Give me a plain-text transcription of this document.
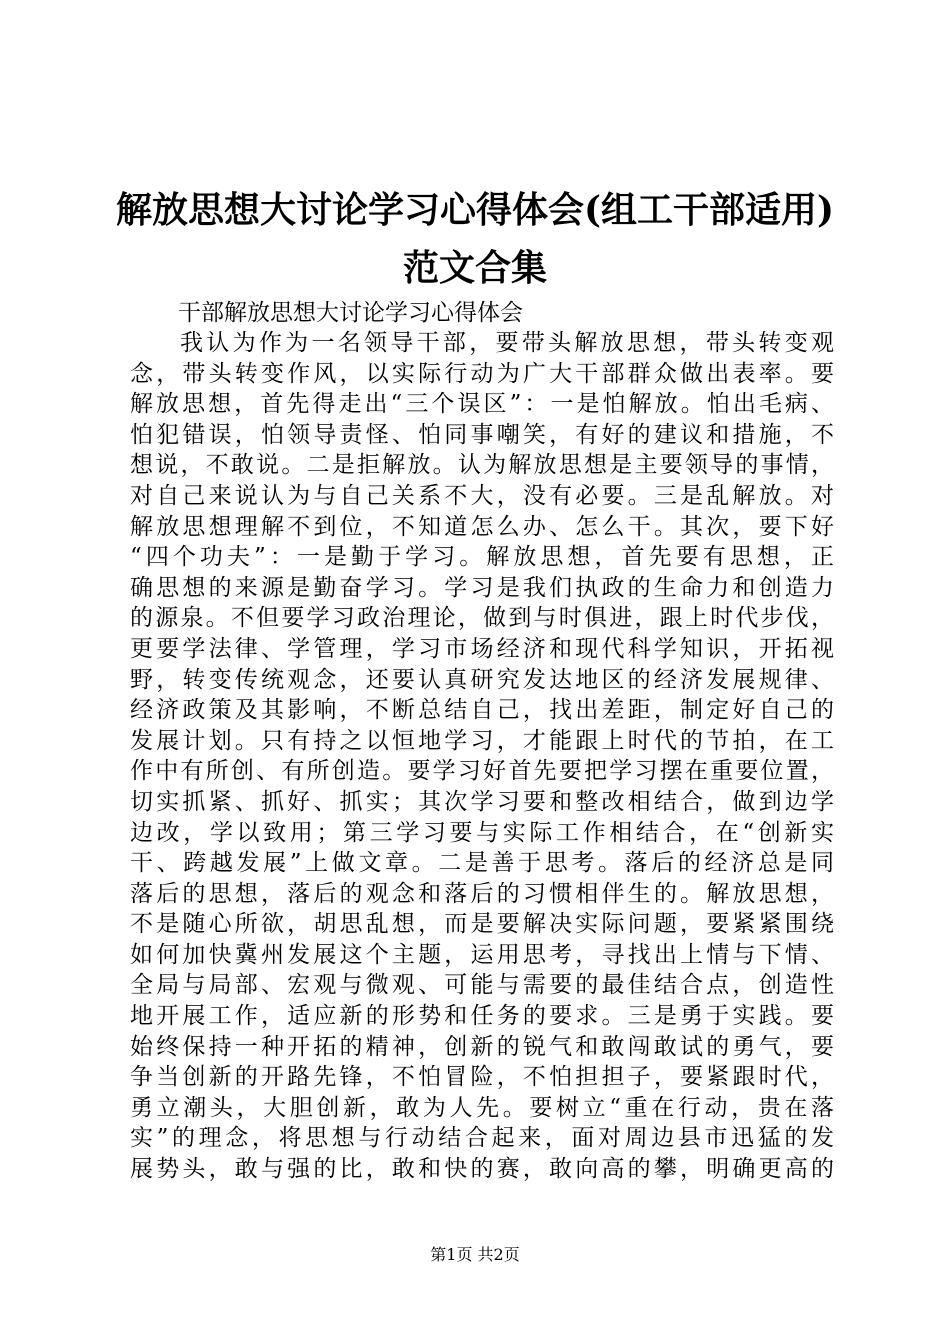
解放思想大讨论学习心得体会(组工干部适用)
范文合集

干部解放思想大讨论学习心得体会

我认为作为一名领导干部，要带头解放思想，带头转变观
念，带头转变作风，以实际行动为广大干部群众做出表率。要
解放思想，首先得走出“三个误区”：一是怕解放。怕出毛病、
怕犯错误，怕领导责怪、怕同事嘲笑，有好的建议和措施，不
想说，不敢说。二是拒解放。认为解放思想是主要领导的事情，
对自己来说认为与自己关系不大，没有必要。三是乱解放。对
解放思想理解不到位，不知道怎么办、怎么干。其次，要下好
“四个功夫”：一是勤于学习。解放思想，首先要有思想，正
确思想的来源是勤奋学习。学习是我们执政的生命力和创造力
的源泉。不但要学习政治理论，做到与时俱进，跟上时代步伐，
更要学法律、学管理，学习市场经济和现代科学知识，开拓视
野，转变传统观念，还要认真研究发达地区的经济发展规律、
经济政策及其影响，不断总结自己，找出差距，制定好自己的
发展计划。只有持之以恒地学习，才能跟上时代的节拍，在工
作中有所创、有所创造。要学习好首先要把学习摆在重要位置，
切实抓紧、抓好、抓实；其次学习要和整改相结合，做到边学
边改，学以致用；第三学习要与实际工作相结合，在“创新实
干、跨越发展”上做文章。二是善于思考。落后的经济总是同
落后的思想，落后的观念和落后的习惯相伴生的。解放思想，
不是随心所欲，胡思乱想，而是要解决实际问题，要紧紧围绕
如何加快冀州发展这个主题，运用思考，寻找出上情与下情、
全局与局部、宏观与微观、可能与需要的最佳结合点，创造性
地开展工作，适应新的形势和任务的要求。三是勇于实践。要
始终保持一种开拓的精神，创新的锐气和敢闯敢试的勇气，要
争当创新的开路先锋，不怕冒险，不怕担担子，要紧跟时代，
勇立潮头，大胆创新，敢为人先。要树立“重在行动，贵在落
实”的理念，将思想与行动结合起来，面对周边县市迅猛的发
展势头，敢与强的比，敢和快的赛，敢向高的攀，明确更高的

第1页 共2页
